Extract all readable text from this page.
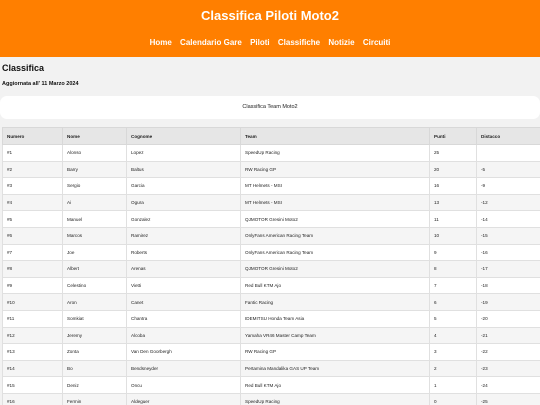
Classifica Piloti Moto2
Home Calendario Gare Piloti Classifiche Notizie Circuiti
Classifica
Aggiornata all' 11 Marzo 2024
Classifica Team Moto2
Numero	Nome	Cognome	Team	Punti	Distacco
#1	Alonso	Lopez	SpeedUp Racing	25	
#2	Barry	Baltus	RW Racing GP	20	-5
#3	Sergio	Garcia	MT Helmets - MSI	16	-9
#4	Ai	Ogura	MT Helmets - MSI	13	-12
#5	Manuel	Gonzalez	QJMOTOR Gresini Moto2	11	-14
#6	Marcos	Ramirez	OnlyFans American Racing Team	10	-15
#7	Joe	Roberts	OnlyFans American Racing Team	9	-16
#8	Albert	Arenas	QJMOTOR Gresini Moto2	8	-17
#9	Celestino	Vietti	Red Bull KTM Ajo	7	-18
#10	Aron	Canet	Fantic Racing	6	-19
#11	Somkiat	Chantra	IDEMITSU Honda Team Asia	5	-20
#12	Jeremy	Alcoba	Yamaha VR46 Master Camp Team	4	-21
#13	Zonta	Van Den Goorbergh	RW Racing GP	3	-22
#14	Bo	Bendsneyder	Pertamina Mandalika GAS UP Team	2	-23
#15	Deniz	Oncu	Red Bull KTM Ajo	1	-24
#16	Fermin	Aldeguer	SpeedUp Racing	0	-25
